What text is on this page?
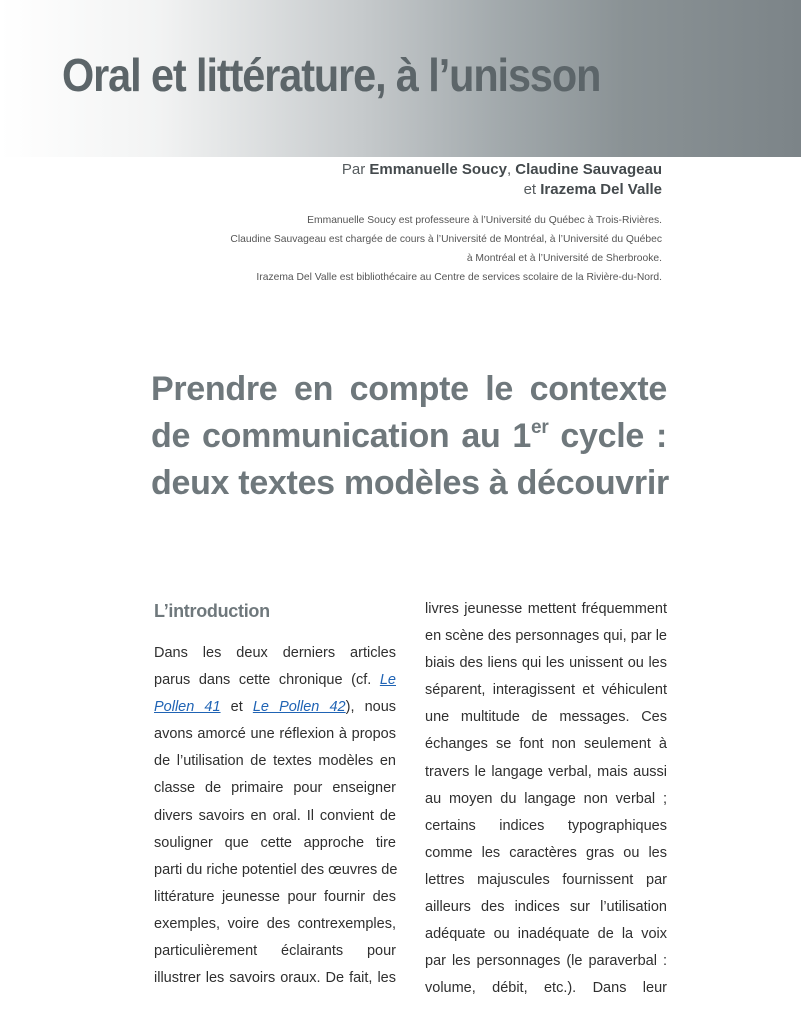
Oral et littérature, à l’unisson
Par Emmanuelle Soucy, Claudine Sauvageau
et Irazema Del Valle
Emmanuelle Soucy est professeure à l’Université du Québec à Trois-Rivières.
Claudine Sauvageau est chargée de cours à l’Université de Montréal, à l’Université du Québec
à Montréal et à l’Université de Sherbrooke.
Irazema Del Valle est bibliothécaire au Centre de services scolaire de la Rivière-du-Nord.
Prendre en compte le contexte
de communication au 1er cycle :
deux textes modèles à découvrir
L’introduction
Dans les deux derniers articles
parus dans cette chronique (cf. Le
Pollen 41 et Le Pollen 42), nous
avons amorcé une réflexion à propos
de l’utilisation de textes modèles en
classe de primaire pour enseigner
divers savoirs en oral. Il convient de
souligner que cette approche tire
parti du riche potentiel des œuvres de
littérature jeunesse pour fournir des
exemples, voire des contrexemples,
particulièrement éclairants pour
illustrer les savoirs oraux. De fait, les
livres jeunesse mettent fréquemment
en scène des personnages qui, par le
biais des liens qui les unissent ou les
séparent, interagissent et véhiculent
une multitude de messages. Ces
échanges se font non seulement à
travers le langage verbal, mais aussi
au moyen du langage non verbal ;
certains indices typographiques
comme les caractères gras ou les
lettres majuscules fournissent par
ailleurs des indices sur l’utilisation
adéquate ou inadéquate de la voix
par les personnages (le paraverbal :
volume, débit, etc.). Dans leur
